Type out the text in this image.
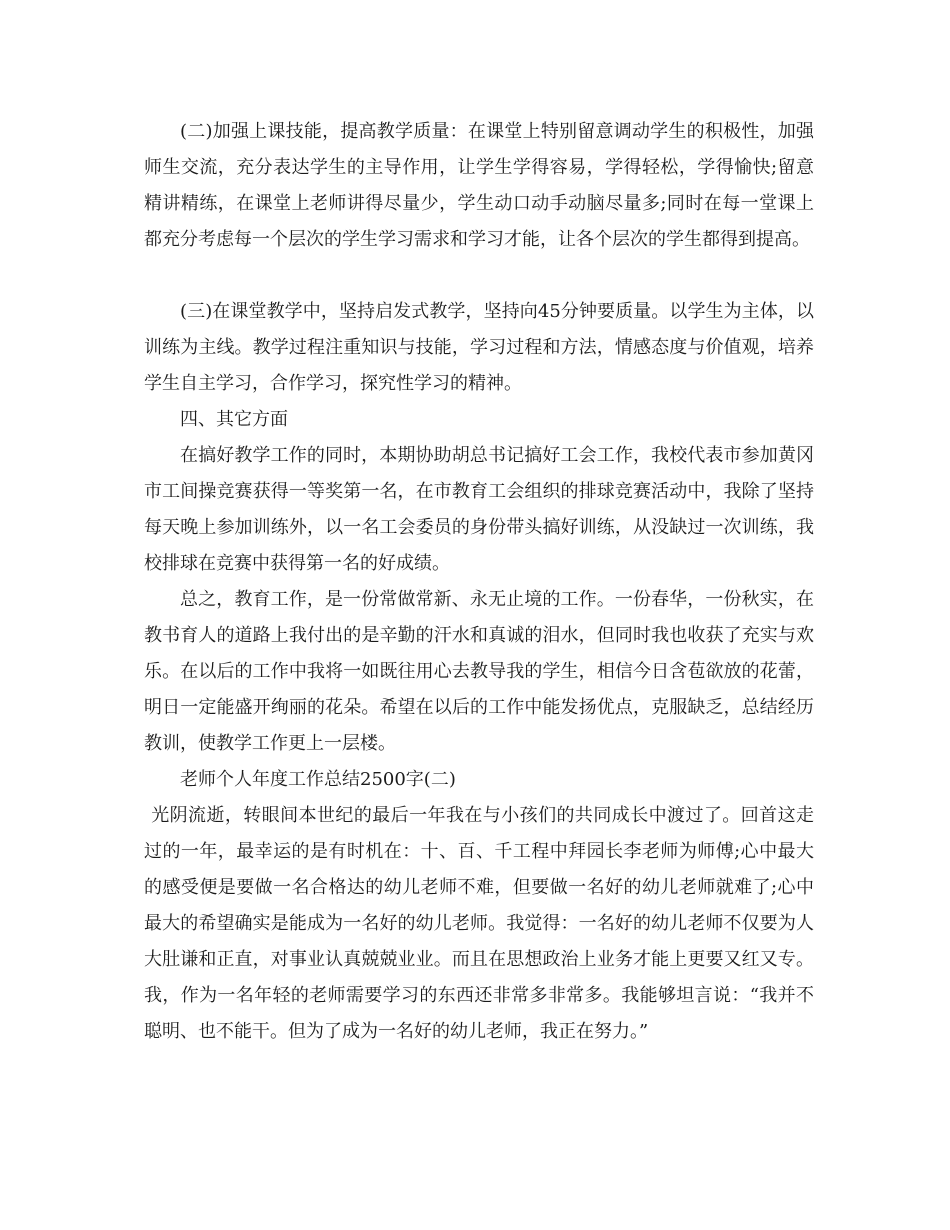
(二)加强上课技能，提高教学质量：在课堂上特别留意调动学生的积极性，加强师生交流，充分表达学生的主导作用，让学生学得容易，学得轻松，学得愉快;留意精讲精练，在课堂上老师讲得尽量少，学生动口动手动脑尽量多;同时在每一堂课上都充分考虑每一个层次的学生学习需求和学习才能，让各个层次的学生都得到提高。

(三)在课堂教学中，坚持启发式教学，坚持向45分钟要质量。以学生为主体，以训练为主线。教学过程注重知识与技能，学习过程和方法，情感态度与价值观，培养学生自主学习，合作学习，探究性学习的精神。

四、其它方面

在搞好教学工作的同时，本期协助胡总书记搞好工会工作，我校代表市参加黄冈市工间操竞赛获得一等奖第一名，在市教育工会组织的排球竞赛活动中，我除了坚持每天晚上参加训练外，以一名工会委员的身份带头搞好训练，从没缺过一次训练，我校排球在竞赛中获得第一名的好成绩。

总之，教育工作，是一份常做常新、永无止境的工作。一份春华，一份秋实，在教书育人的道路上我付出的是辛勤的汗水和真诚的泪水，但同时我也收获了充实与欢乐。在以后的工作中我将一如既往用心去教导我的学生，相信今日含苞欲放的花蕾，明日一定能盛开绚丽的花朵。希望在以后的工作中能发扬优点，克服缺乏，总结经历教训，使教学工作更上一层楼。

老师个人年度工作总结2500字(二)

光阴流逝，转眼间本世纪的最后一年我在与小孩们的共同成长中渡过了。回首这走过的一年，最幸运的是有时机在：十、百、千工程中拜园长李老师为师傅;心中最大的感受便是要做一名合格达的幼儿老师不难，但要做一名好的幼儿老师就难了;心中最大的希望确实是能成为一名好的幼儿老师。我觉得：一名好的幼儿老师不仅要为人大肚谦和正直，对事业认真兢兢业业。而且在思想政治上业务才能上更要又红又专。我，作为一名年轻的老师需要学习的东西还非常多非常多。我能够坦言说：“我并不聪明、也不能干。但为了成为一名好的幼儿老师，我正在努力。”
